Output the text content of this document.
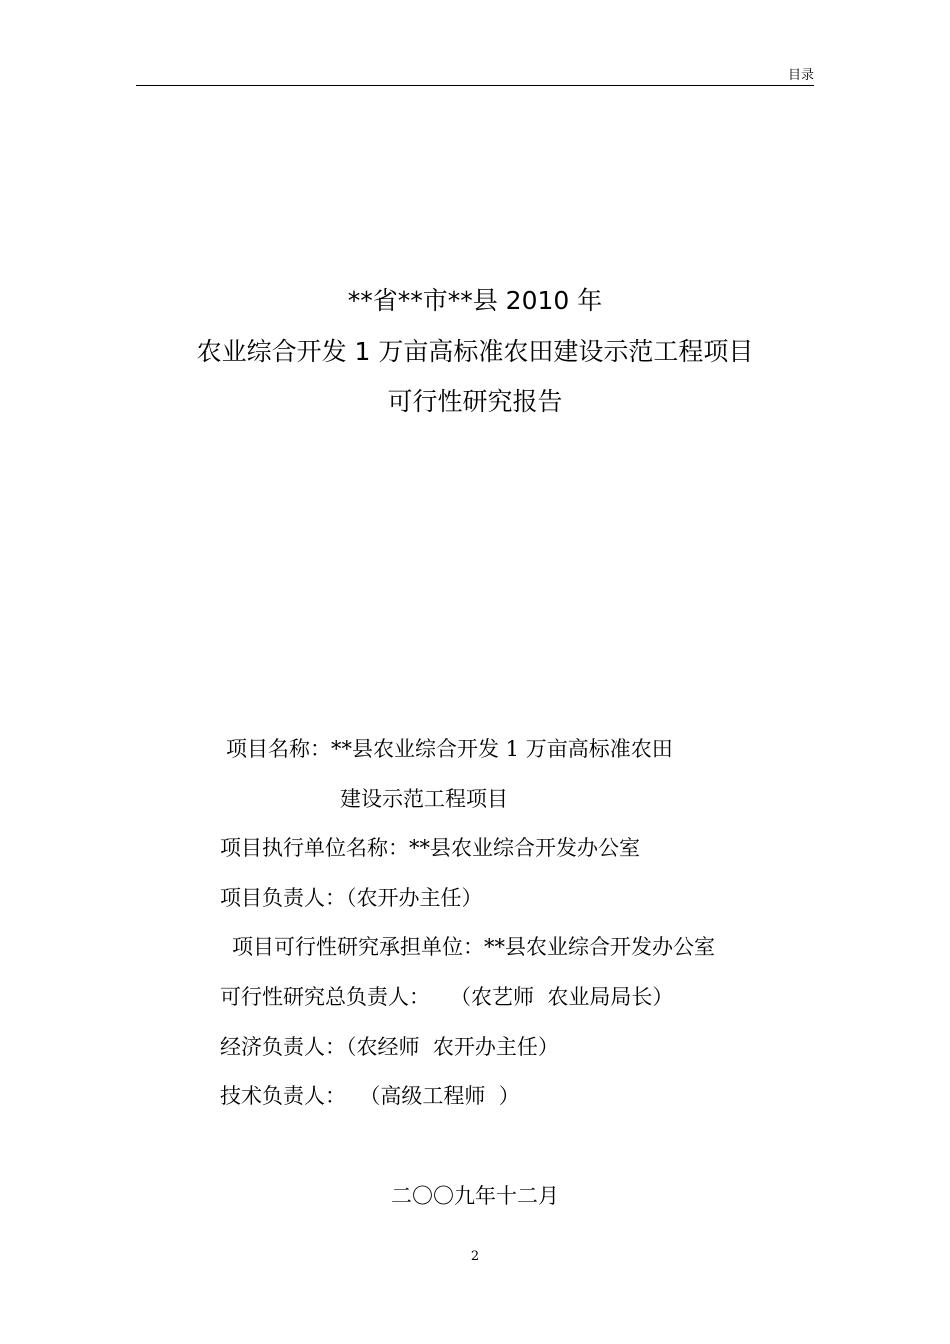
目录
**省**市**县 2010 年
农业综合开发 1 万亩高标准农田建设示范工程项目
可行性研究报告
项目名称：**县农业综合开发 1 万亩高标准农田
建设示范工程项目
项目执行单位名称：**县农业综合开发办公室
项目负责人：（农开办主任）
项目可行性研究承担单位：**县农业综合开发办公室
可行性研究总负责人：   （农艺师  农业局局长）
经济负责人：（农经师  农开办主任）
技术负责人：  （高级工程师  ）
二〇〇九年十二月
2
